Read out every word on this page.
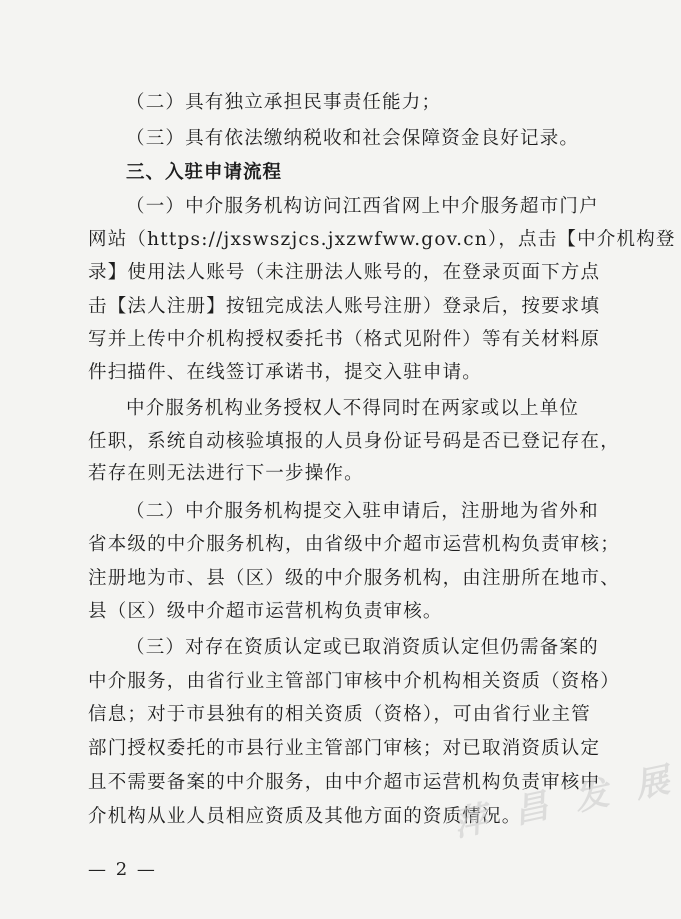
（二）具有独立承担民事责任能力；
（三）具有依法缴纳税收和社会保障资金良好记录。
三、入驻申请流程
（一）中介服务机构访问江西省网上中介服务超市门户
网站（https://jxswszjcs.jxzwfww.gov.cn），点击【中介机构登
录】使用法人账号（未注册法人账号的，在登录页面下方点
击【法人注册】按钮完成法人账号注册）登录后，按要求填
写并上传中介机构授权委托书（格式见附件）等有关材料原
件扫描件、在线签订承诺书，提交入驻申请。
中介服务机构业务授权人不得同时在两家或以上单位
任职，系统自动核验填报的人员身份证号码是否已登记存在，
若存在则无法进行下一步操作。
（二）中介服务机构提交入驻申请后，注册地为省外和
省本级的中介服务机构，由省级中介超市运营机构负责审核；
注册地为市、县（区）级的中介服务机构，由注册所在地市、
县（区）级中介超市运营机构负责审核。
（三）对存在资质认定或已取消资质认定但仍需备案的
中介服务，由省行业主管部门审核中介机构相关资质（资格）
信息；对于市县独有的相关资质（资格），可由省行业主管
部门授权委托的市县行业主管部门审核；对已取消资质认定
且不需要备案的中介服务，由中介超市运营机构负责审核中
介机构从业人员相应资质及其他方面的资质情况。
萍 昌 发 展
— 2 —
